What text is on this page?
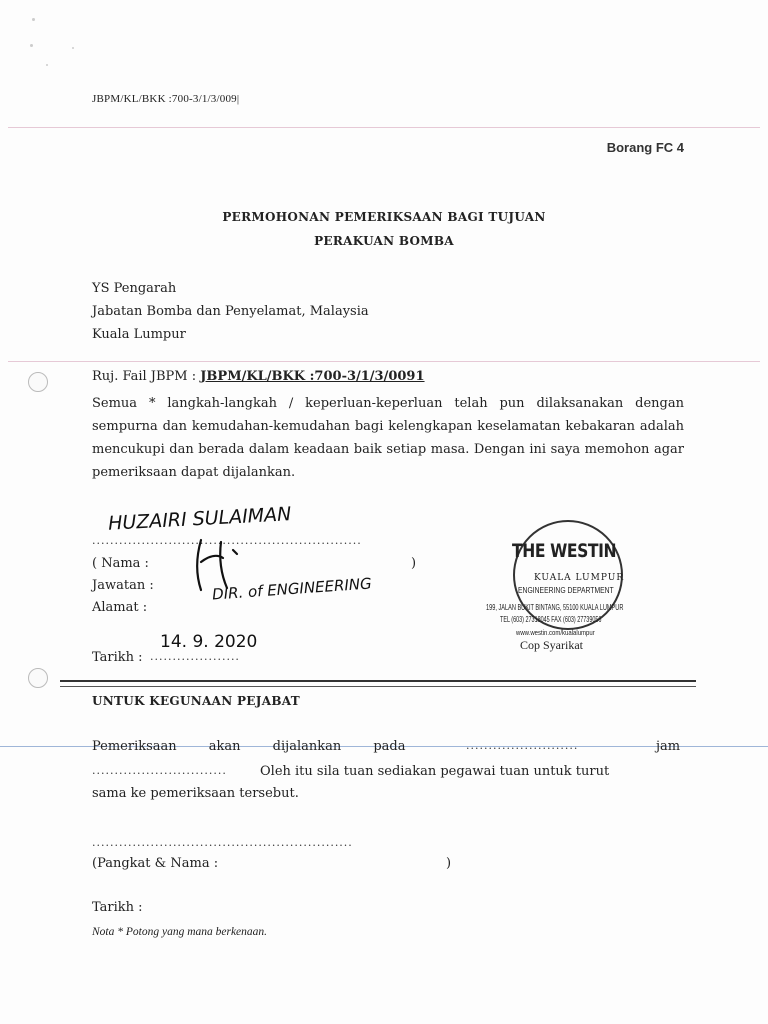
JBPM/KL/BKK :700-3/1/3/009|
Borang FC 4
PERMOHONAN PEMERIKSAAN BAGI TUJUAN
PERAKUAN BOMBA
YS Pengarah
Jabatan Bomba dan Penyelamat, Malaysia
Kuala Lumpur
Ruj. Fail JBPM : JBPM/KL/BKK :700-3/1/3/0091
Semua * langkah-langkah / keperluan-keperluan telah pun dilaksanakan dengan sempurna dan kemudahan-kemudahan bagi kelengkapan keselamatan kebakaran adalah mencukupi dan berada dalam keadaan baik setiap masa. Dengan ini saya memohon agar pemeriksaan dapat dijalankan.
HUZAIRI SULAIMAN
............................................................
( Nama :	)
Jawatan :	DIR. of ENGINEERING
Alamat :
14. 9. 2020
Tarikh : ....................
THE WESTIN
KUALA LUMPUR
ENGINEERING DEPARTMENT
199, JALAN BUKIT BINTANG, 55100 KUALA LUMPUR
TEL (603) 27318045 FAX (603) 27739056
www.westin.com/kualalumpur
Cop Syarikat
UNTUK KEGUNAAN PEJABAT
Pemeriksaan akan dijalankan pada	.........................	jam
..............................	Oleh itu sila tuan sediakan pegawai tuan untuk turut
sama ke pemeriksaan tersebut.
..........................................................
(Pangkat & Nama :	)
Tarikh :
Nota * Potong yang mana berkenaan.
